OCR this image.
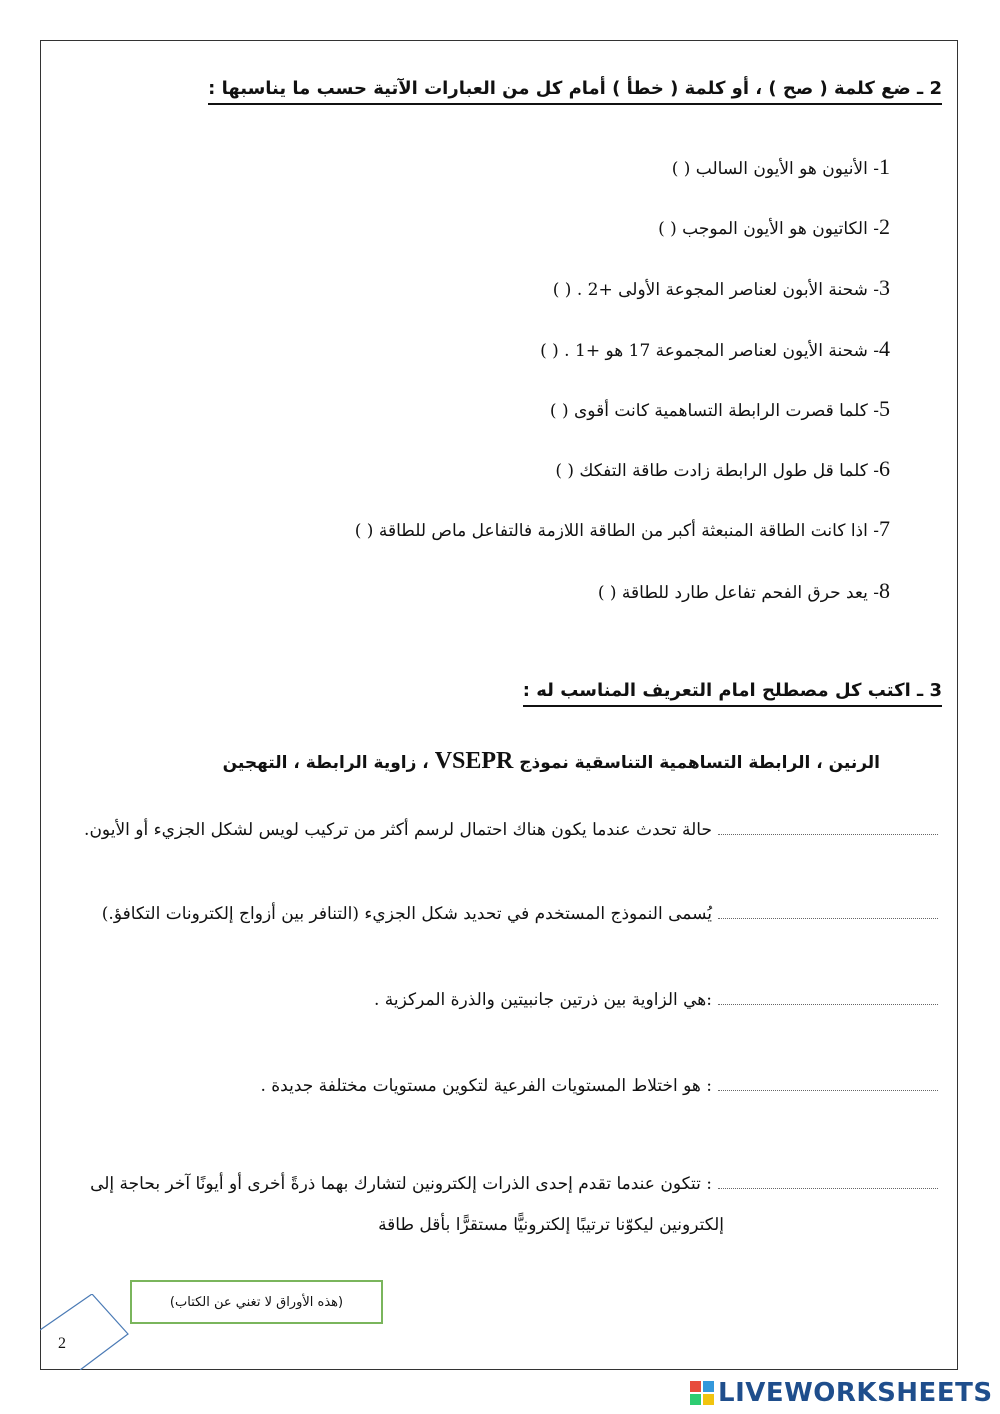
2 ـ ضع كلمة ( صح ) ، أو كلمة ( خطأ ) أمام كل من العبارات الآتية حسب ما يناسبها :
1- الأنيون هو الأيون السالب ( )
2- الكاتيون هو الأيون الموجب ( )
3- شحنة الأبون لعناصر المجوعة الأولى +2 . ( )
4- شحنة الأيون لعناصر المجموعة 17 هو +1 . ( )
5- كلما قصرت الرابطة التساهمية كانت أقوى ( )
6- كلما قل طول الرابطة زادت طاقة التفكك ( )
7- اذا كانت الطاقة المنبعثة أكبر من الطاقة اللازمة فالتفاعل ماص للطاقة ( )
8- يعد حرق الفحم تفاعل طارد للطاقة ( )
3 ـ اكتب كل مصطلح امام التعريف المناسب له :
الرنين ، الرابطة التساهمية التناسقية نموذج VSEPR ، زاوية الرابطة ، التهجين
حالة تحدث عندما يكون هناك احتمال لرسم أكثر من تركيب لويس لشكل الجزيء أو الأيون.
يُسمى النموذج المستخدم في تحديد شكل الجزيء (التنافر بين أزواج إلكترونات التكافؤ.)
:هي الزاوية بين ذرتين جانبيتين والذرة المركزية .
: هو اختلاط المستويات الفرعية لتكوين مستويات مختلفة جديدة .
: تتكون عندما تقدم إحدى الذرات إلكترونين لتشارك بهما ذرةً أخرى أو أيونًا آخر بحاجة إلى
إلكترونين ليكوّنا ترتيبًا إلكترونيًّا مستقرًّا بأقل طاقة
(هذه الأوراق لا تغني عن الكتاب)
2
LIVEWORKSHEETS
